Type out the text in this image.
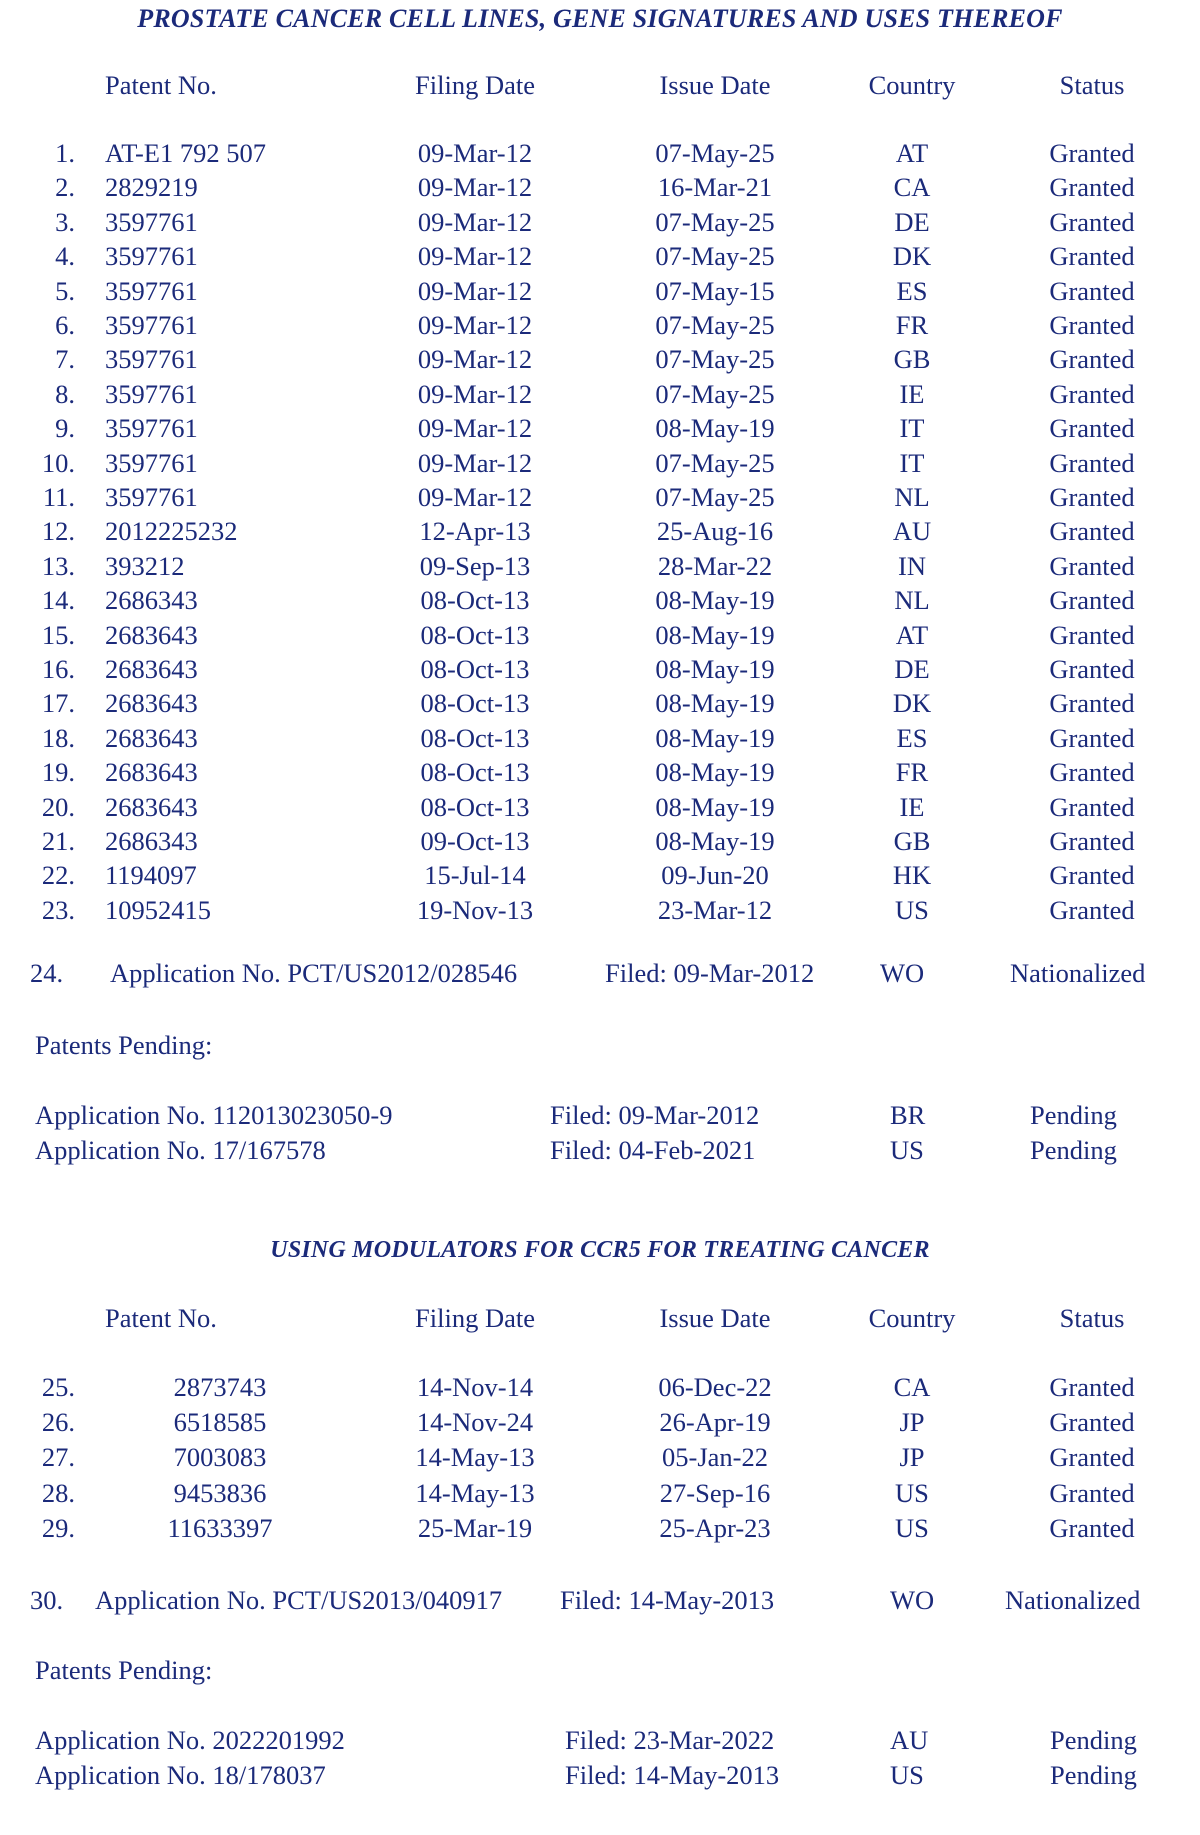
PROSTATE CANCER CELL LINES, GENE SIGNATURES AND USES THEREOF
Patent No.	Filing Date	Issue Date	Country	Status
1. AT-E1 792 507	09-Mar-12	07-May-25	AT	Granted
2. 2829219	09-Mar-12	16-Mar-21	CA	Granted
3. 3597761	09-Mar-12	07-May-25	DE	Granted
4. 3597761	09-Mar-12	07-May-25	DK	Granted
5. 3597761	09-Mar-12	07-May-15	ES	Granted
6. 3597761	09-Mar-12	07-May-25	FR	Granted
7. 3597761	09-Mar-12	07-May-25	GB	Granted
8. 3597761	09-Mar-12	07-May-25	IE	Granted
9. 3597761	09-Mar-12	08-May-19	IT	Granted
10. 3597761	09-Mar-12	07-May-25	IT	Granted
11. 3597761	09-Mar-12	07-May-25	NL	Granted
12. 2012225232	12-Apr-13	25-Aug-16	AU	Granted
13. 393212	09-Sep-13	28-Mar-22	IN	Granted
14. 2686343	08-Oct-13	08-May-19	NL	Granted
15. 2683643	08-Oct-13	08-May-19	AT	Granted
16. 2683643	08-Oct-13	08-May-19	DE	Granted
17. 2683643	08-Oct-13	08-May-19	DK	Granted
18. 2683643	08-Oct-13	08-May-19	ES	Granted
19. 2683643	08-Oct-13	08-May-19	FR	Granted
20. 2683643	08-Oct-13	08-May-19	IE	Granted
21. 2686343	09-Oct-13	08-May-19	GB	Granted
22. 1194097	15-Jul-14	09-Jun-20	HK	Granted
23. 10952415	19-Nov-13	23-Mar-12	US	Granted
24. Application No. PCT/US2012/028546	Filed: 09-Mar-2012 WO	Nationalized
Patents Pending:
Application No. 112013023050-9	Filed: 09-Mar-2012	BR	Pending
Application No. 17/167578	Filed: 04-Feb-2021	US	Pending
USING MODULATORS FOR CCR5 FOR TREATING CANCER
Patent No.	Filing Date	Issue Date	Country	Status
25.	2873743	14-Nov-14	06-Dec-22	CA	Granted
26.	6518585	14-Nov-24	26-Apr-19	JP	Granted
27.	7003083	14-May-13	05-Jan-22	JP	Granted
28.	9453836	14-May-13	27-Sep-16	US	Granted
29.	11633397	25-Mar-19	25-Apr-23	US	Granted
30. Application No. PCT/US2013/040917 Filed: 14-May-2013	WO	Nationalized
Patents Pending:
Application No. 2022201992	Filed: 23-Mar-2022	AU	Pending
Application No. 18/178037	Filed: 14-May-2013	US	Pending
